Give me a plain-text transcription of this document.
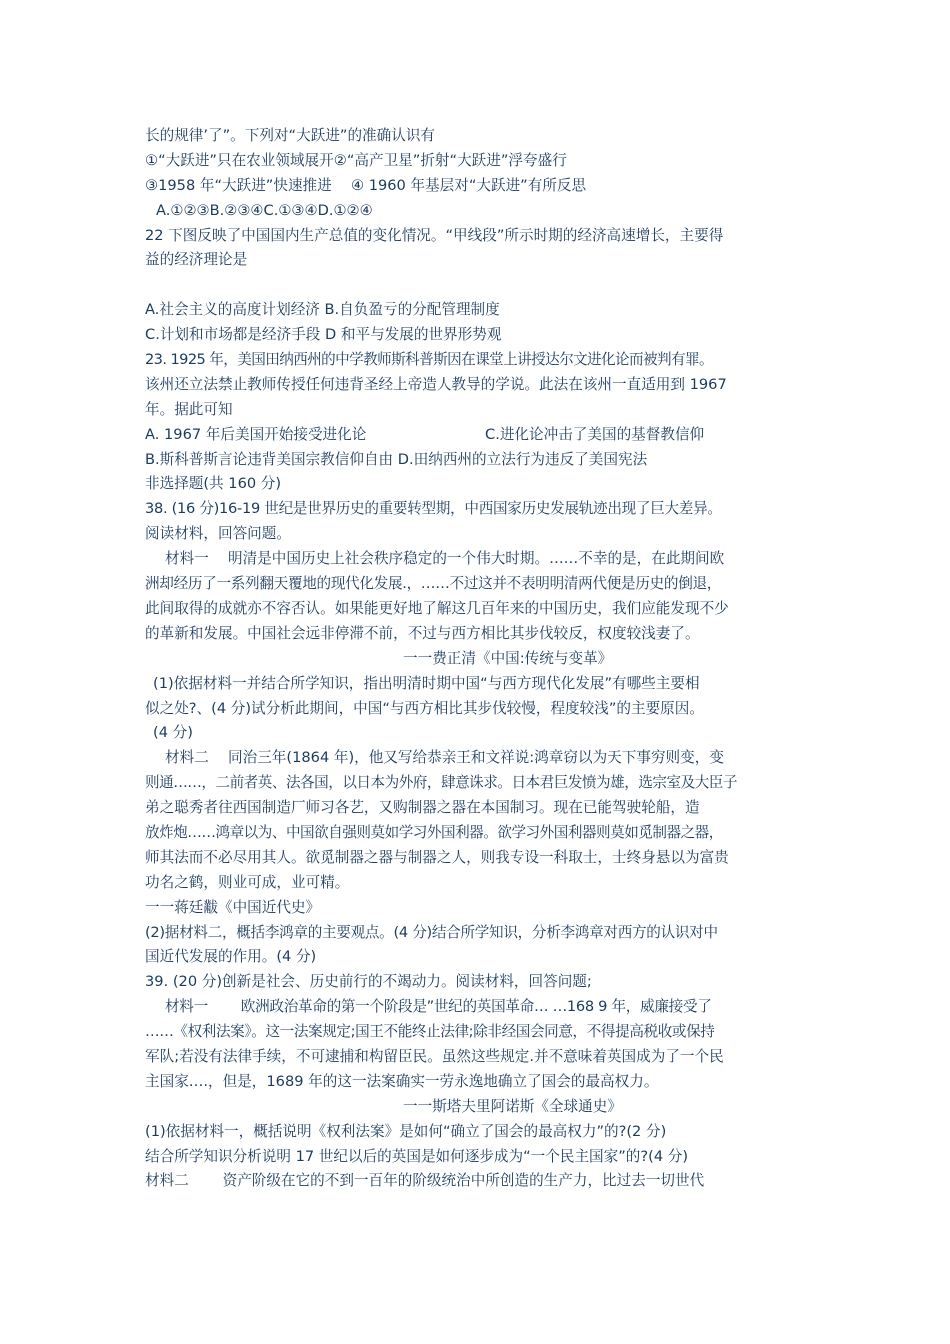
长的规律’了”。下列对“大跃进”的准确认识有
①“大跃进”只在农业领域展开②“高产卫星”折射“大跃进”浮夸盛行
③1958 年“大跃进”快速推进　 ④ 1960 年基层对“大跃进”有所反思
A.①②③B.②③④C.①③④D.①②④
22 下图反映了中国国内生产总值的变化情况。“甲线段”所示时期的经济高速增长，主要得
益的经济理论是
A.社会主义的高度计划经济 B.自负盈亏的分配管理制度
C.计划和市场都是经济手段 D 和平与发展的世界形势观
23. 1925 年，美国田纳西州的中学教师斯科普斯因在课堂上讲授达尔文进化论而被判有罪。
该州还立法禁止教师传授任何违背圣经上帝造人教导的学说。此法在该州一直适用到 1967
年。据此可知
A. 1967 年后美国开始接受进化论	C.进化论冲击了美国的基督教信仰
B.斯科普斯言论违背美国宗教信仰自由 D.田纳西州的立法行为违反了美国宪法
非选择题(共 160 分)
38. (16 分)16-19 世纪是世界历史的重要转型期，中西国家历史发展轨迹出现了巨大差异。
阅读材料，回答问题。
材料一　 明清是中国历史上社会秩序稳定的一个伟大时期。……不幸的是，在此期间欧
洲却经历了一系列翻天覆地的现代化发展.，……不过这并不表明明清两代便是历史的倒退，
此间取得的成就亦不容否认。如果能更好地了解这几百年来的中国历史，我们应能发现不少
的革新和发展。中国社会远非停滞不前，不过与西方相比其步伐较反，权度较浅妻了。
一一费正清《中国:传统与变革》
(1)依据材料一并结合所学知识，指出明清时期中国“与西方现代化发展”有哪些主要相
似之处?、(4 分)试分析此期间，中国“与西方相比其步伐较慢，程度较浅”的主要原因。
(4 分)
材料二　 同治三年(1864 年)，他又写给恭亲王和文祥说:鸿章窃以为天下事穷则变，变
则通……，二前者英、法各国，以日本为外府，肆意诛求。日本君巨发愤为雄，选宗室及大臣子
弟之聪秀者往西国制造厂师习各艺，又购制器之器在本国制习。现在已能驾驶轮船，造
放炸炮……鸿章以为、中国欲自强则莫如学习外国利器。欲学习外国利器则莫如觅制器之器，
师其法而不必尽用其人。欲觅制器之器与制器之人，则我专设一科取士，士终身悬以为富贵
功名之鹤，则业可成，业可精。
一一蒋廷黻《中国近代史》
(2)据材料二，概括李鸿章的主要观点。(4 分)结合所学知识，分析李鸿章对西方的认识对中
国近代发展的作用。(4 分)
39. (20 分)创新是社会、历史前行的不竭动力。阅读材料，回答问题;
材料一　　 欧洲政治革命的第一个阶段是”世纪的英国革命… …168 9 年，威廉接受了
……《权利法案》。这一法案规定;国王不能终止法律;除非经国会同意，不得提高税收或保持
军队;若没有法律手续，不可逮捕和构留臣民。虽然这些规定.并不意味着英国成为了一个民
主国家….，但是，1689 年的这一法案确实一劳永逸地确立了国会的最高权力。
一一斯塔夫里阿诺斯《全球通史》
(1)依据材料一，概括说明《权利法案》是如何“确立了国会的最高权力”的?(2 分)
结合所学知识分析说明 17 世纪以后的英国是如何逐步成为“一个民主国家”的?(4 分)
材料二　　 资产阶级在它的不到一百年的阶级统治中所创造的生产力，比过去一切世代
